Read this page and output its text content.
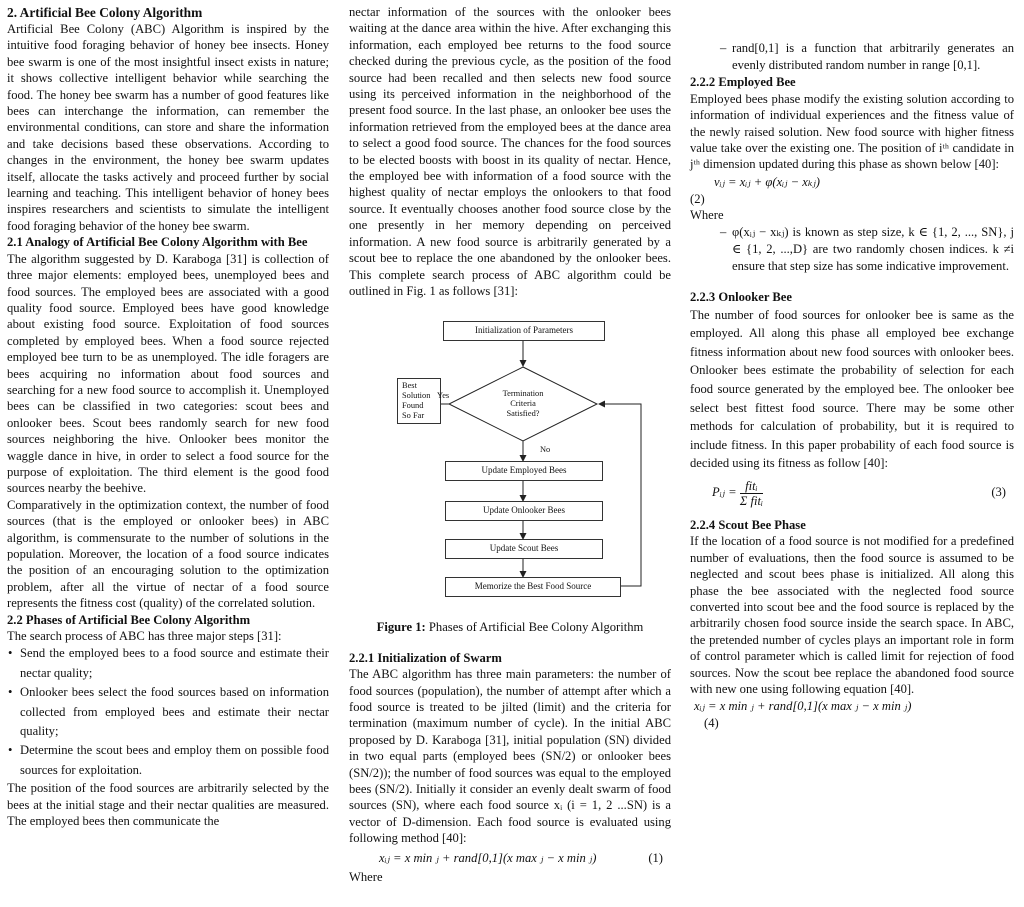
2. Artificial Bee Colony Algorithm

Artificial Bee Colony (ABC) Algorithm is inspired by the intuitive food foraging behavior of honey bee insects. Honey bee swarm is one of the most insightful insect exists in nature; it shows collective intelligent behavior while searching the food. The honey bee swarm has a number of good features like bees can interchange the information, can remember the environmental conditions, can store and share the information and take decisions based these observations. According to changes in the environment, the honey bee swarm updates itself, allocate the tasks actively and proceed further by social learning and teaching. This intelligent behavior of honey bees inspires researchers and scientists to simulate the intelligent food foraging behavior of the honey bee swarm.

2.1 Analogy of Artificial Bee Colony Algorithm with Bee

The algorithm suggested by D. Karaboga [31] is collection of three major elements: employed bees, unemployed bees and food sources. The employed bees are associated with a good quality food source. Employed bees have good knowledge about existing food source. Exploitation of food sources completed by employed bees. When a food source rejected employed bee turn to be as unemployed. The idle foragers are bees acquiring no information about food sources and searching for a new food source to accomplish it. Unemployed bees can be classified in two categories: scout bees and onlooker bees. Scout bees randomly search for new food sources neighboring the hive. Onlooker bees monitor the waggle dance in hive, in order to select a food source for the purpose of exploitation. The third element is the good food sources nearby the beehive.

Comparatively in the optimization context, the number of food sources (that is the employed or onlooker bees) in ABC algorithm, is commensurate to the number of solutions in the population. Moreover, the location of a food source indicates the position of an encouraging solution to the optimization problem, after all the virtue of nectar of a food source represents the fitness cost (quality) of the correlated solution.

2.2 Phases of Artificial Bee Colony Algorithm

The search process of ABC has three major steps [31]:

• Send the employed bees to a food source and estimate their nectar quality;
• Onlooker bees select the food sources based on information collected from employed bees and estimate their nectar quality;
• Determine the scout bees and employ them on possible food sources for exploitation.

The position of the food sources are arbitrarily selected by the bees at the initial stage and their nectar qualities are measured. The employed bees then communicate the

nectar information of the sources with the onlooker bees waiting at the dance area within the hive. After exchanging this information, each employed bee returns to the food source checked during the previous cycle, as the position of the food source had been recalled and then selects new food source using its perceived information in the neighborhood of the present food source. In the last phase, an onlooker bee uses the information retrieved from the employed bees at the dance area to select a good food source. The chances for the food sources to be elected boosts with boost in its quality of nectar. Hence, the employed bee with information of a food source with the highest quality of nectar employs the onlookers to that food source. It eventually chooses another food source close by the one presently in her memory depending on perceived information. A new food source is arbitrarily generated by a scout bee to replace the one abandoned by the onlooker bees. This complete search process of ABC algorithm could be outlined in Fig. 1 as follows [31]:

Initialization of Parameters
Best
Solution
Found
So Far
Yes	Termination
Criteria
Satisfied?
No
Update Employed Bees
Update Onlooker Bees
Update Scout Bees
Memorize the Best Food Source

Figure 1: Phases of Artificial Bee Colony Algorithm

2.2.1 Initialization of Swarm

The ABC algorithm has three main parameters: the number of food sources (population), the number of attempt after which a food source is treated to be jilted (limit) and the criteria for termination (maximum number of cycle). In the initial ABC proposed by D. Karaboga [31], initial population (SN) divided in two equal parts (employed bees (SN/2) or onlooker bees (SN/2)); the number of food sources was equal to the employed bees (SN/2). Initially it consider an evenly dealt swarm of food sources (SN), where each food source xᵢ (i = 1, 2 ...SN) is a vector of D-dimension. Each food source is evaluated using following method [40]:

xᵢⱼ = x min ⱼ + rand[0,1](x max ⱼ − x min ⱼ)	(1)

Where

– rand[0,1] is a function that arbitrarily generates an evenly distributed random number in range [0,1].
2.2.2 Employed Bee

Employed bees phase modify the existing solution according to information of individual experiences and the fitness value of the newly raised solution. New food source with higher fitness value take over the existing one. The position of iᵗʰ candidate in jᵗʰ dimension updated during this phase as shown below [40]:

vᵢⱼ = xᵢⱼ + φ(xᵢⱼ − xₖⱼ)

(2)

Where

– φ(xᵢⱼ − xₖⱼ) is known as step size, k ∈ {1, 2, ..., SN}, j ∈ {1, 2, ...,D} are two randomly chosen indices. k ≠i ensure that step size has some indicative improvement.
2.2.3 Onlooker Bee

The number of food sources for onlooker bee is same as the employed. All along this phase all employed bee exchange fitness information about new food sources with onlooker bees. Onlooker bees estimate the probability of selection for each food source generated by the employed bee. The onlooker bee select best fittest food source. There may be some other methods for calculation of probability, but it is required to include fitness. In this paper probability of each food source is decided using its fitness as follow [40]:

Pᵢⱼ = $\frac{\text{fitᵢ}}{\text{Σ fitᵢ}}$	(3)
2.2.4 Scout Bee Phase

If the location of a food source is not modified for a predefined number of evaluations, then the food source is assumed to be neglected and scout bees phase is initialized. All along this phase the bee associated with the neglected food source converted into scout bee and the food source is replaced by the arbitrarily chosen food source inside the search space. In ABC, the pretended number of cycles plays an important role in form of control parameter which is called limit for rejection of food sources. Now the scout bee replace the abandoned food source with new one using following equation [40].

xᵢⱼ = x min ⱼ + rand[0,1](x max ⱼ − x min ⱼ)

(4)
